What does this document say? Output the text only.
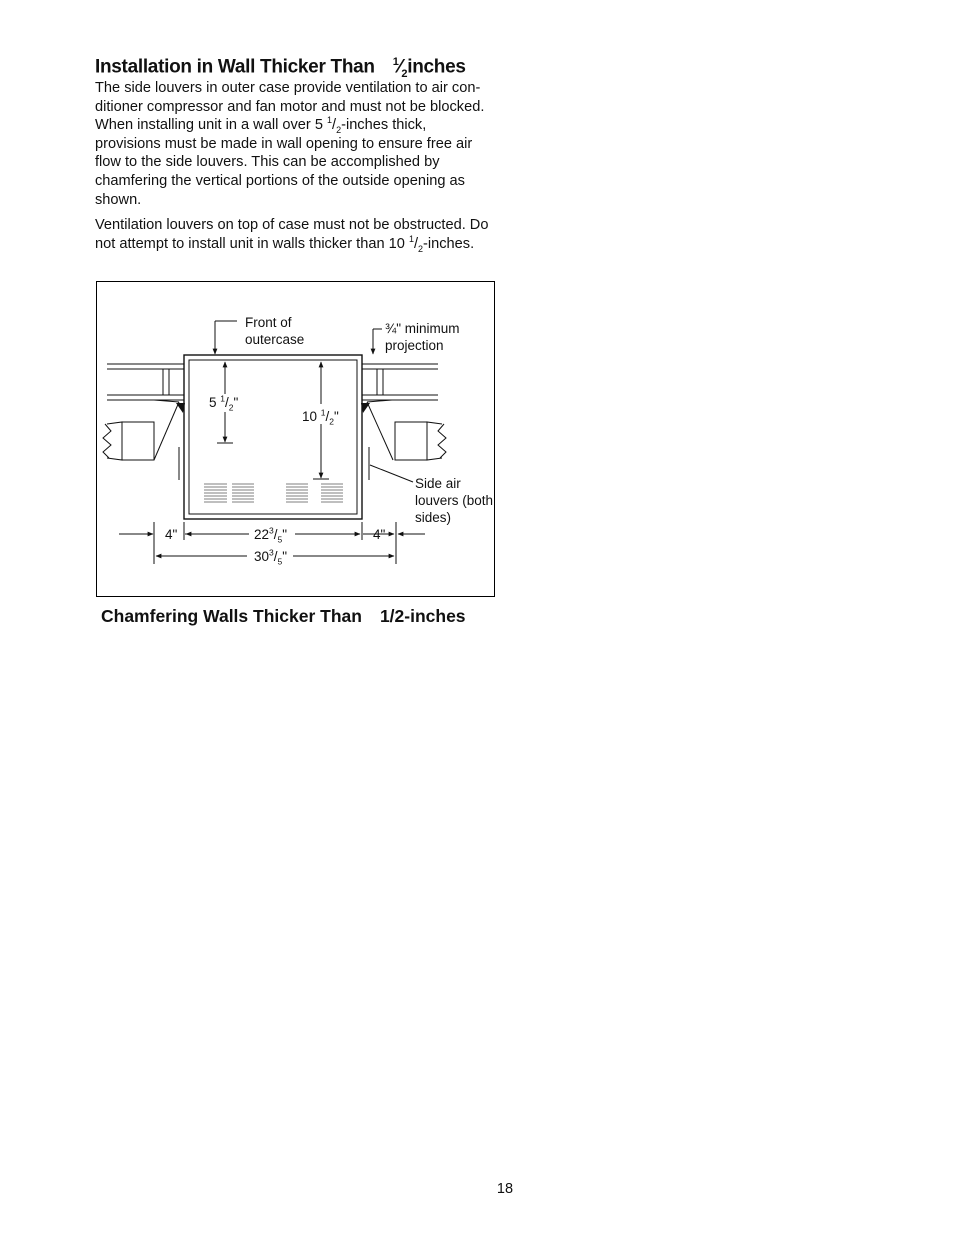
Installation in Wall Thicker Than $^1⁄_2inches$

The side louvers in outer case provide ventilation to air con-ditioner compressor and fan motor and must not be blocked. When installing unit in a wall over 5 $^1/_2$-inches thick, provisions must be made in wall opening to ensure free air flow to the side louvers. This can be accomplished by chamfering the vertical portions of the outside opening as shown.

Ventilation louvers on top of case must not be obstructed. Do not attempt to install unit in walls thicker than 10 $^1/_2$-inches.

Front of outercase
¾" minimum projection
5 $^1/_2$"
10 $^1/_2$"
Side air louvers (both sides)
4"	4"
$22^3/_5$"
$30^3/_5$"
Chamfering Walls Thicker Than 1/2-inches
18
